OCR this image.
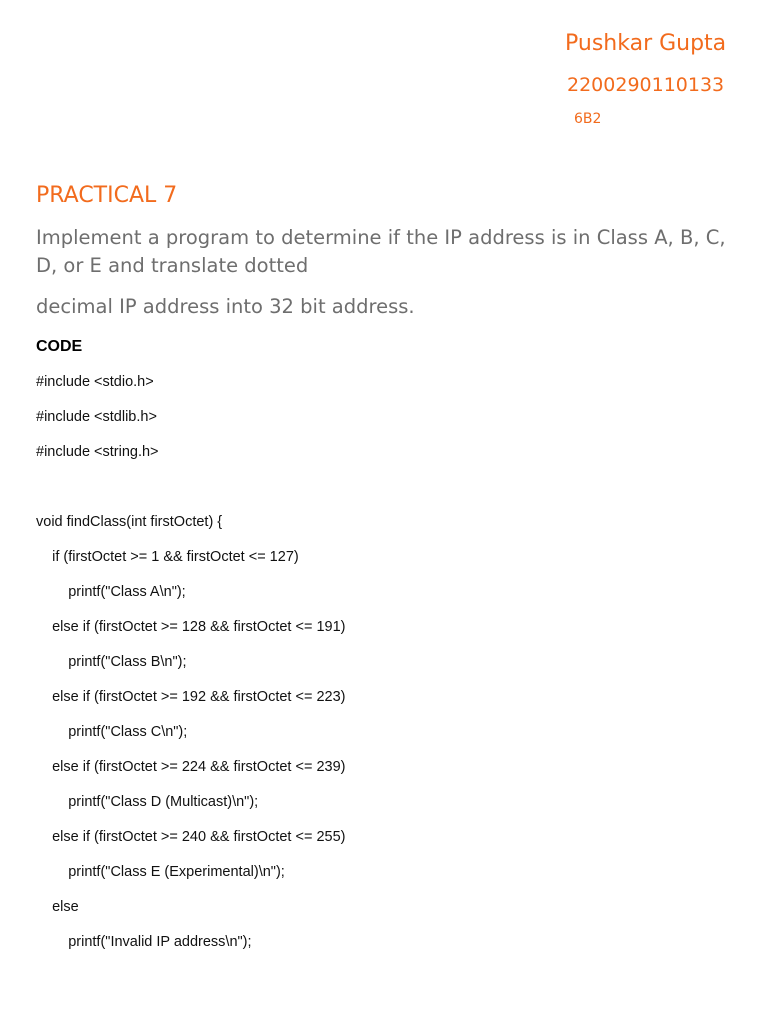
Pushkar Gupta
2200290110133
6B2
PRACTICAL 7

Implement a program to determine if the IP address is in Class A, B, C, D, or E and translate dotted

decimal IP address into 32 bit address.

CODE
#include <stdio.h>
#include <stdlib.h>
#include <string.h>
void findClass(int firstOctet) {
if (firstOctet >= 1 && firstOctet <= 127)
printf("Class A\n");
else if (firstOctet >= 128 && firstOctet <= 191)
printf("Class B\n");
else if (firstOctet >= 192 && firstOctet <= 223)
printf("Class C\n");
else if (firstOctet >= 224 && firstOctet <= 239)
printf("Class D (Multicast)\n");
else if (firstOctet >= 240 && firstOctet <= 255)
printf("Class E (Experimental)\n");
else
printf("Invalid IP address\n");
